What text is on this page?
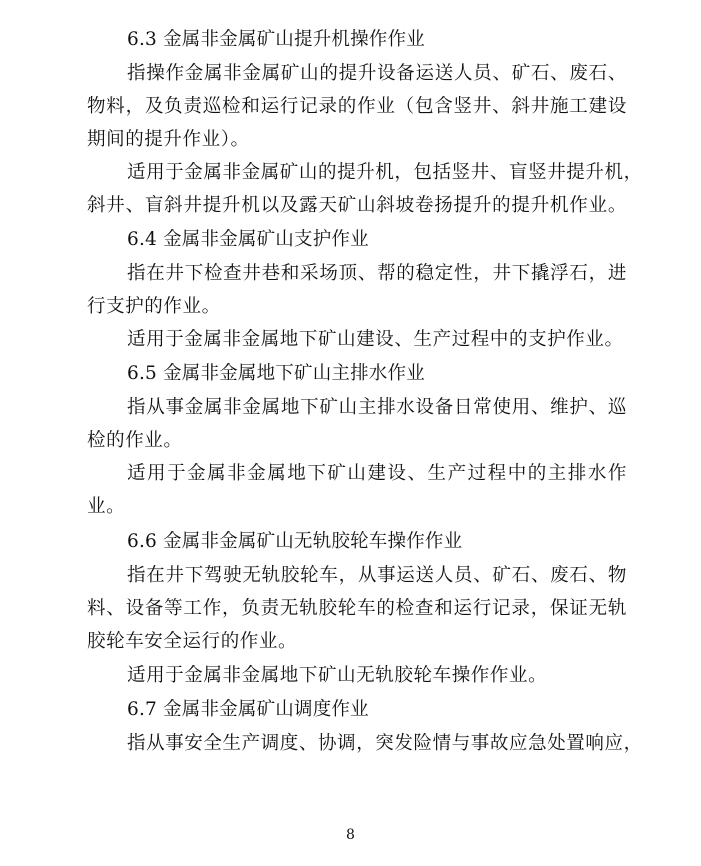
6.3 金属非金属矿山提升机操作作业
指操作金属非金属矿山的提升设备运送人员、矿石、废石、
物料，及负责巡检和运行记录的作业（包含竖井、斜井施工建设
期间的提升作业）。
适用于金属非金属矿山的提升机，包括竖井、盲竖井提升机，
斜井、盲斜井提升机以及露天矿山斜坡卷扬提升的提升机作业。
6.4 金属非金属矿山支护作业
指在井下检查井巷和采场顶、帮的稳定性，井下撬浮石，进
行支护的作业。
适用于金属非金属地下矿山建设、生产过程中的支护作业。
6.5 金属非金属地下矿山主排水作业
指从事金属非金属地下矿山主排水设备日常使用、维护、巡
检的作业。
适用于金属非金属地下矿山建设、生产过程中的主排水作
业。
6.6 金属非金属矿山无轨胶轮车操作作业
指在井下驾驶无轨胶轮车，从事运送人员、矿石、废石、物
料、设备等工作，负责无轨胶轮车的检查和运行记录，保证无轨
胶轮车安全运行的作业。
适用于金属非金属地下矿山无轨胶轮车操作作业。
6.7 金属非金属矿山调度作业
指从事安全生产调度、协调，突发险情与事故应急处置响应，
8
